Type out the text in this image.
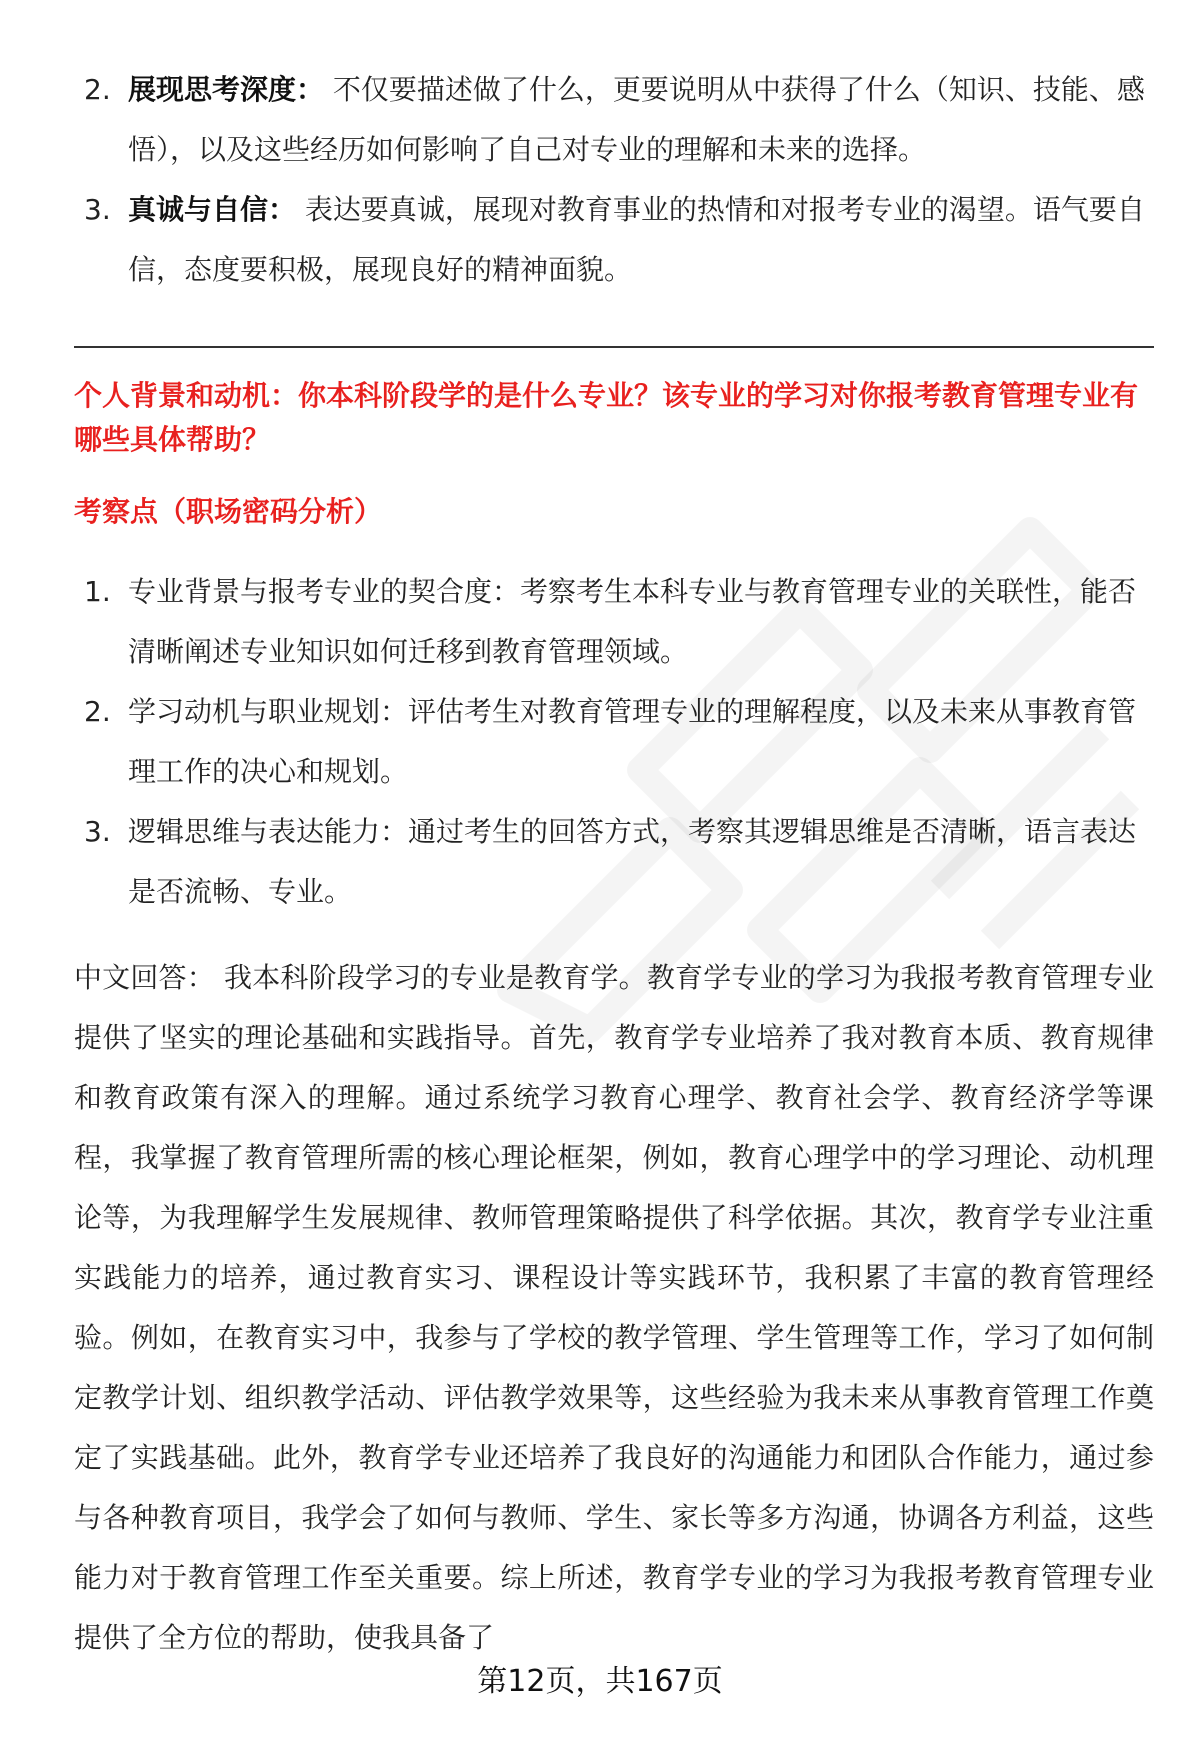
2. 展现思考深度： 不仅要描述做了什么，更要说明从中获得了什么（知识、技能、感悟），以及这些经历如何影响了自己对专业的理解和未来的选择。
3. 真诚与自信： 表达要真诚，展现对教育事业的热情和对报考专业的渴望。语气要自信，态度要积极，展现良好的精神面貌。
个人背景和动机：你本科阶段学的是什么专业？该专业的学习对你报考教育管理专业有哪些具体帮助？
考察点（职场密码分析）
1. 专业背景与报考专业的契合度：考察考生本科专业与教育管理专业的关联性，能否清晰阐述专业知识如何迁移到教育管理领域。
2. 学习动机与职业规划：评估考生对教育管理专业的理解程度，以及未来从事教育管理工作的决心和规划。
3. 逻辑思维与表达能力：通过考生的回答方式，考察其逻辑思维是否清晰，语言表达是否流畅、专业。
中文回答： 我本科阶段学习的专业是教育学。教育学专业的学习为我报考教育管理专业提供了坚实的理论基础和实践指导。首先，教育学专业培养了我对教育本质、教育规律和教育政策有深入的理解。通过系统学习教育心理学、教育社会学、教育经济学等课程，我掌握了教育管理所需的核心理论框架，例如，教育心理学中的学习理论、动机理论等，为我理解学生发展规律、教师管理策略提供了科学依据。其次，教育学专业注重实践能力的培养，通过教育实习、课程设计等实践环节，我积累了丰富的教育管理经验。例如，在教育实习中，我参与了学校的教学管理、学生管理等工作，学习了如何制定教学计划、组织教学活动、评估教学效果等，这些经验为我未来从事教育管理工作奠定了实践基础。此外，教育学专业还培养了我良好的沟通能力和团队合作能力，通过参与各种教育项目，我学会了如何与教师、学生、家长等多方沟通，协调各方利益，这些能力对于教育管理工作至关重要。综上所述，教育学专业的学习为我报考教育管理专业提供了全方位的帮助，使我具备了
第12页，共167页
